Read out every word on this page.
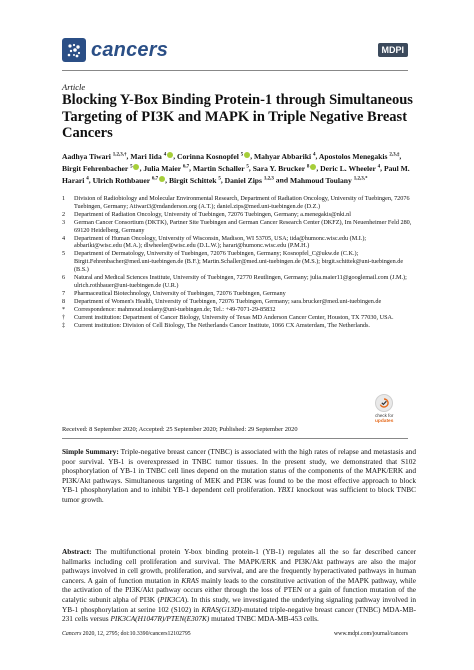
cancers	MDPI
Article
Blocking Y-Box Binding Protein-1 through Simultaneous Targeting of PI3K and MAPK in Triple Negative Breast Cancers
Aadhya Tiwari $^{1,2,3,\dagger}$, Mari Iida $^4$ , Corinna Kosnopfel $^5$ , Mahyar Abbariki $^4$, Apostolos Menegakis $^{2,3,\ddagger}$, Birgit Fehrenbacher $^5$ , Julia Maier $^{6,7}$, Martin Schaller $^5$, Sara Y. Brucker $^8$ , Deric L. Wheeler $^4$, Paul M. Harari $^4$, Ulrich Rothbauer $^{6,7}$ , Birgit Schittek $^5$, Daniel Zips $^{1,2,3}$ and Mahmoud Toulany $^{1,2,3,*}$
1	Division of Radiobiology and Molecular Environmental Research, Department of Radiation Oncology, University of Tuebingen, 72076 Tuebingen, Germany; Atiwari3@mdanderson.org (A.T.); daniel.zips@med.uni-tuebingen.de (D.Z.)
2	Department of Radiation Oncology, University of Tuebingen, 72076 Tuebingen, Germany; a.menegakis@nki.nl
3	German Cancer Consortium (DKTK), Partner Site Tuebingen and German Cancer Research Center (DKFZ), Im Neuenheimer Feld 280, 69120 Heidelberg, Germany
4	Department of Human Oncology, University of Wisconsin, Madison, WI 53705, USA; iida@humonc.wisc.edu (M.I.); abbariki@wisc.edu (M.A.); dlwheeler@wisc.edu (D.L.W.); harari@humonc.wisc.edu (P.M.H.)
5	Department of Dermatology, University of Tuebingen, 72076 Tuebingen, Germany; Kosnopfel_C@ukw.de (C.K.); Birgit.Fehrenbacher@med.uni-tuebingen.de (B.F.); Martin.Schaller@med.uni-tuebingen.de (M.S.); birgit.schittek@uni-tuebingen.de (B.S.)
6	Natural and Medical Sciences Institute, University of Tuebingen, 72770 Reutlingen, Germany; julia.maier11@googlemail.com (J.M.); ulrich.rothbauer@uni-tuebingen.de (U.R.)
7	Pharmaceutical Biotechnology, University of Tuebingen, 72076 Tuebingen, Germany
8	Department of Women's Health, University of Tuebingen, 72076 Tuebingen, Germany; sara.brucker@med.uni-tuebingen.de
*	Correspondence: mahmoud.toulany@uni-tuebingen.de; Tel.: +49-7071-29-85832
†	Current institution: Department of Cancer Biology, University of Texas MD Anderson Cancer Center, Houston, TX 77030, USA.
‡	Current institution: Division of Cell Biology, The Netherlands Cancer Institute, 1066 CX Amsterdam, The Netherlands.
check for
updates
Received: 8 September 2020; Accepted: 25 September 2020; Published: 29 September 2020

Simple Summary: Triple-negative breast cancer (TNBC) is associated with the high rates of relapse and metastasis and poor survival. YB-1 is overexpressed in TNBC tumor tissues. In the present study, we demonstrated that S102 phosphorylation of YB-1 in TNBC cell lines depend on the mutation status of the components of the MAPK/ERK and PI3K/Akt pathways. Simultaneous targeting of MEK and PI3K was found to be the most effective approach to block YB-1 phosphorylation and to inhibit YB-1 dependent cell proliferation. YBX1 knockout was sufficient to block TNBC tumor growth.

Abstract: The multifunctional protein Y-box binding protein-1 (YB-1) regulates all the so far described cancer hallmarks including cell proliferation and survival. The MAPK/ERK and PI3K/Akt pathways are also the major pathways involved in cell growth, proliferation, and survival, and are the frequently hyperactivated pathways in human cancers. A gain of function mutation in KRAS mainly leads to the constitutive activation of the MAPK pathway, while the activation of the PI3K/Akt pathway occurs either through the loss of PTEN or a gain of function mutation of the catalytic subunit alpha of PI3K (PIK3CA). In this study, we investigated the underlying signaling pathway involved in YB-1 phosphorylation at serine 102 (S102) in KRAS(G13D)-mutated triple-negative breast cancer (TNBC) MDA-MB-231 cells versus PIK3CA(H1047R)/PTEN(E307K) mutated TNBC MDA-MB-453 cells.

Cancers 2020, 12, 2795; doi:10.3390/cancers12102795	www.mdpi.com/journal/cancers
